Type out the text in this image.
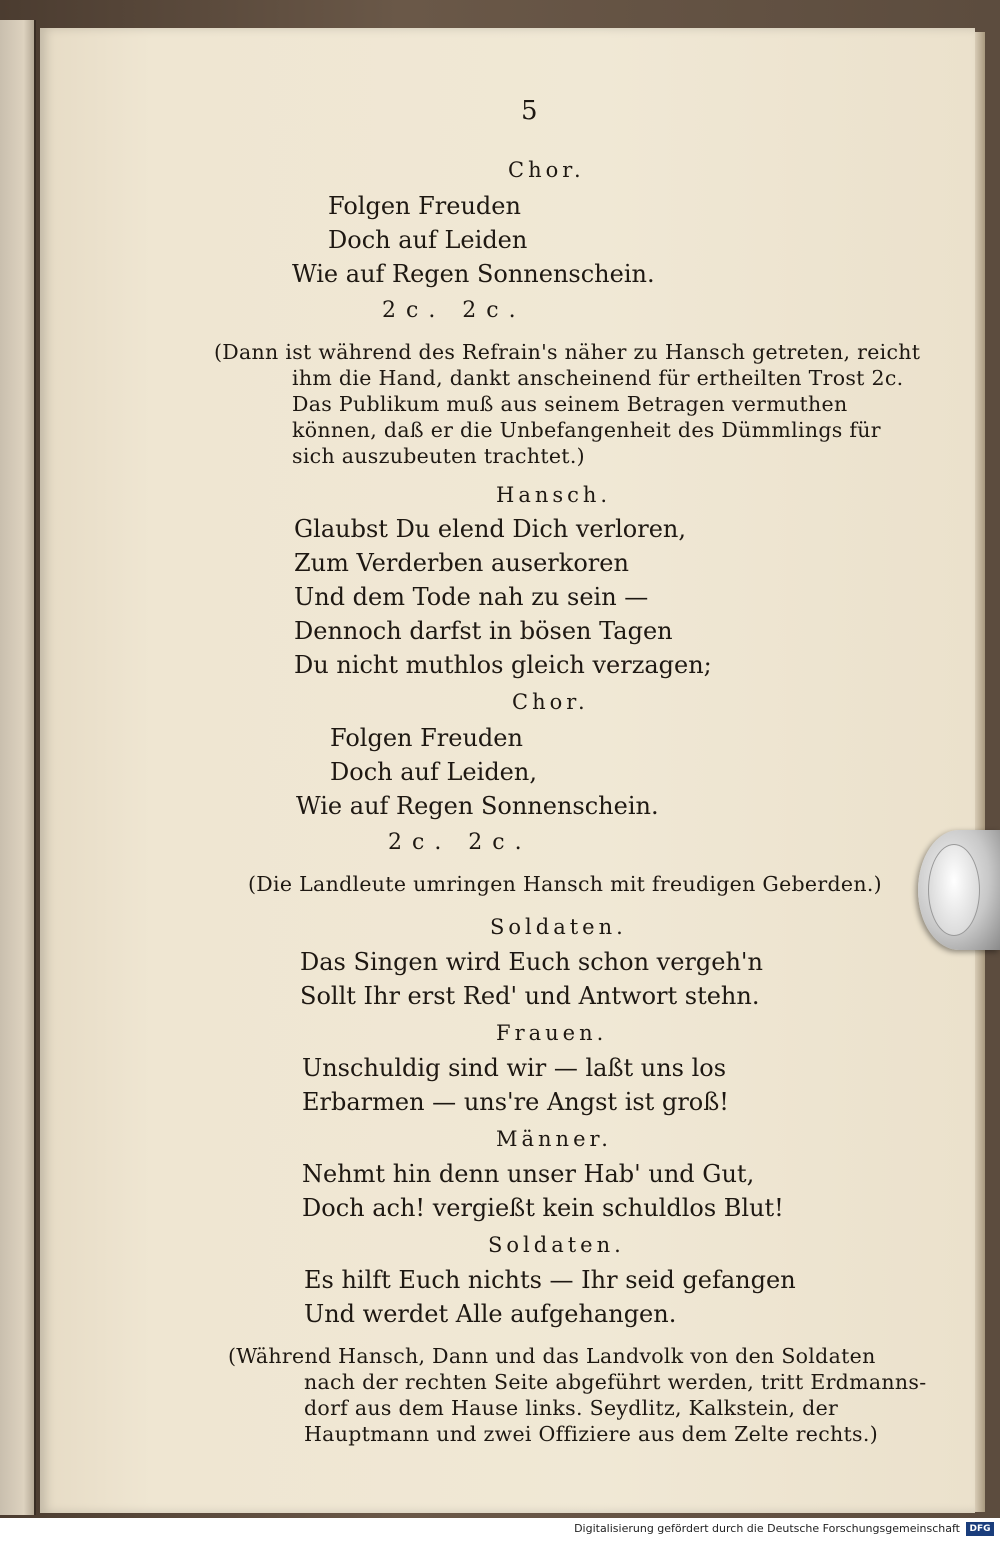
5
Chor.
Folgen Freuden
Doch auf Leiden
Wie auf Regen Sonnenschein.
2c. 2c.
(Dann ist während des Refrain's näher zu Hansch getreten, reicht
ihm die Hand, dankt anscheinend für ertheilten Trost 2c.
Das Publikum muß aus seinem Betragen vermuthen
können, daß er die Unbefangenheit des Dümmlings für
sich auszubeuten trachtet.)
Hansch.
Glaubst Du elend Dich verloren,
Zum Verderben auserkoren
Und dem Tode nah zu sein —
Dennoch darfst in bösen Tagen
Du nicht muthlos gleich verzagen;
Chor.
Folgen Freuden
Doch auf Leiden,
Wie auf Regen Sonnenschein.
2c. 2c.
(Die Landleute umringen Hansch mit freudigen Geberden.)
Soldaten.
Das Singen wird Euch schon vergeh'n
Sollt Ihr erst Red' und Antwort stehn.
Frauen.
Unschuldig sind wir — laßt uns los
Erbarmen — uns're Angst ist groß!
Männer.
Nehmt hin denn unser Hab' und Gut,
Doch ach! vergießt kein schuldlos Blut!
Soldaten.
Es hilft Euch nichts — Ihr seid gefangen
Und werdet Alle aufgehangen.
(Während Hansch, Dann und das Landvolk von den Soldaten
nach der rechten Seite abgeführt werden, tritt Erdmanns-
dorf aus dem Hause links. Seydlitz, Kalkstein, der
Hauptmann und zwei Offiziere aus dem Zelte rechts.)
Digitalisierung gefördert durch die Deutsche Forschungsgemeinschaft	DFG
